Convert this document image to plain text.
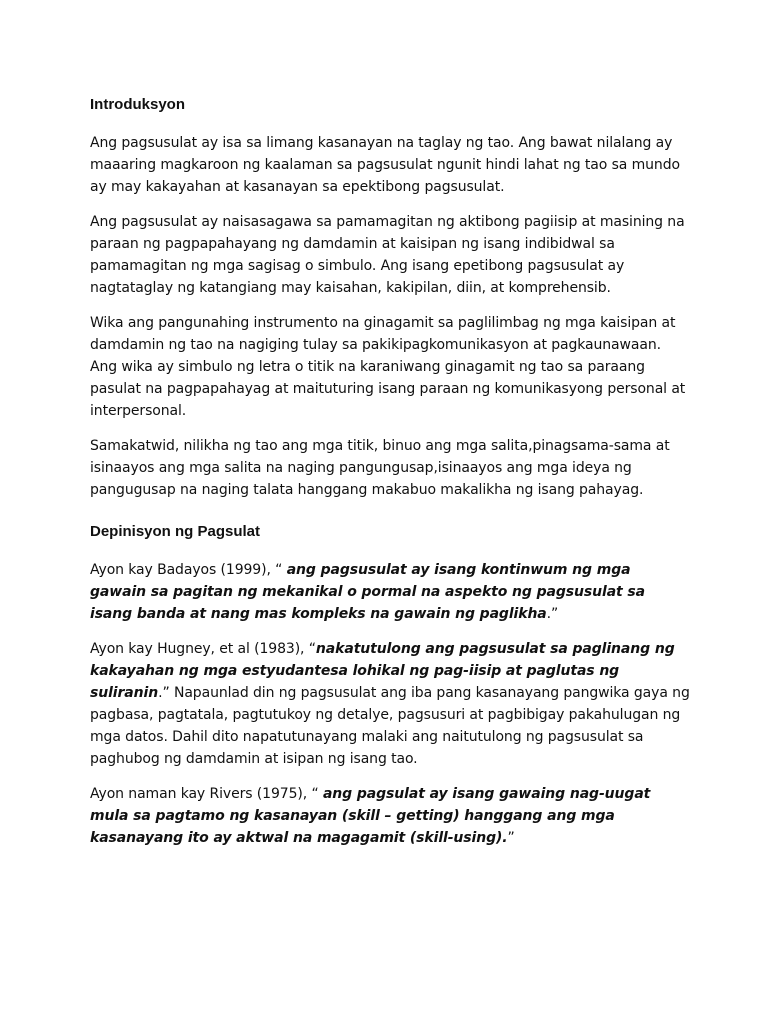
Introduksyon

Ang pagsusulat ay isa sa limang kasanayan na taglay ng tao. Ang bawat nilalang ay maaaring magkaroon ng kaalaman sa pagsusulat ngunit hindi lahat ng tao sa mundo ay may kakayahan at kasanayan sa epektibong pagsusulat.

Ang pagsusulat ay naisasagawa sa pamamagitan ng aktibong pagiisip at masining na paraan ng pagpapahayang ng damdamin at kaisipan ng isang indibidwal sa pamamagitan ng mga sagisag o simbulo. Ang isang epetibong pagsusulat ay nagtataglay ng katangiang may kaisahan, kakipilan, diin, at komprehensib.

Wika ang pangunahing instrumento na ginagamit sa paglilimbag ng mga kaisipan at damdamin ng tao na nagiging tulay sa pakikipagkomunikasyon at pagkaunawaan. Ang wika ay simbulo ng letra o titik na karaniwang ginagamit ng tao sa paraang pasulat na pagpapahayag at maituturing isang paraan ng komunikasyong personal at interpersonal.

Samakatwid, nilikha ng tao ang mga titik, binuo ang mga salita,pinagsama-sama at isinaayos ang mga salita na naging pangungusap,isinaayos ang mga ideya ng pangugusap na naging talata hanggang makabuo makalikha ng isang pahayag.

Depinisyon ng Pagsulat

Ayon kay Badayos (1999), “ ang pagsusulat ay isang kontinwum ng mga gawain sa pagitan ng mekanikal o pormal na aspekto ng pagsusulat sa isang banda at nang mas kompleks na gawain ng paglikha.”

Ayon kay Hugney, et al (1983), “nakatutulong ang pagsusulat sa paglinang ng kakayahan ng mga estyudantesa lohikal ng pag-iisip at paglutas ng suliranin.” Napaunlad din ng pagsusulat ang iba pang kasanayang pangwika gaya ng pagbasa, pagtatala, pagtutukoy ng detalye, pagsusuri at pagbibigay pakahulugan ng mga datos. Dahil dito napatutunayang malaki ang naitutulong ng pagsusulat sa paghubog ng damdamin at isipan ng isang tao.

Ayon naman kay Rivers (1975), “ ang pagsulat ay isang gawaing nag-uugat mula sa pagtamo ng kasanayan (skill – getting) hanggang ang mga kasanayang ito ay aktwal na magagamit (skill-using).”
